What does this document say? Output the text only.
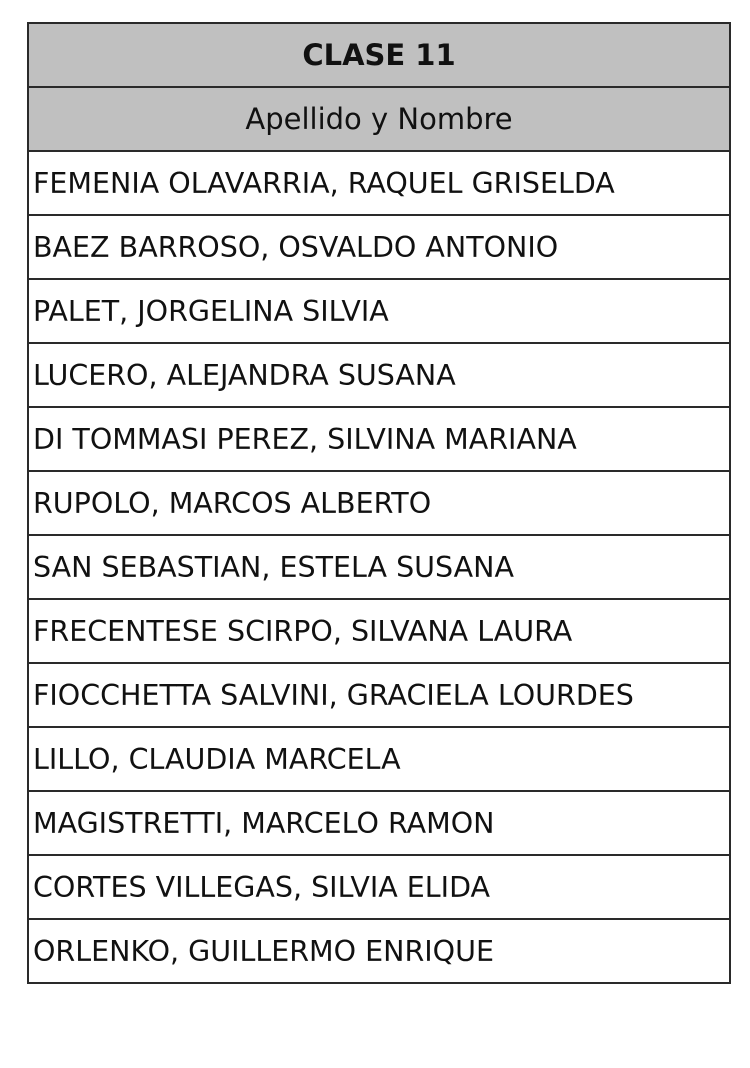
CLASE 11
Apellido y Nombre
FEMENIA OLAVARRIA, RAQUEL GRISELDA
BAEZ BARROSO, OSVALDO ANTONIO
PALET, JORGELINA SILVIA
LUCERO, ALEJANDRA SUSANA
DI TOMMASI PEREZ, SILVINA MARIANA
RUPOLO, MARCOS ALBERTO
SAN SEBASTIAN, ESTELA SUSANA
FRECENTESE SCIRPO, SILVANA LAURA
FIOCCHETTA SALVINI, GRACIELA LOURDES
LILLO, CLAUDIA MARCELA
MAGISTRETTI, MARCELO RAMON
CORTES VILLEGAS, SILVIA ELIDA
ORLENKO, GUILLERMO ENRIQUE
